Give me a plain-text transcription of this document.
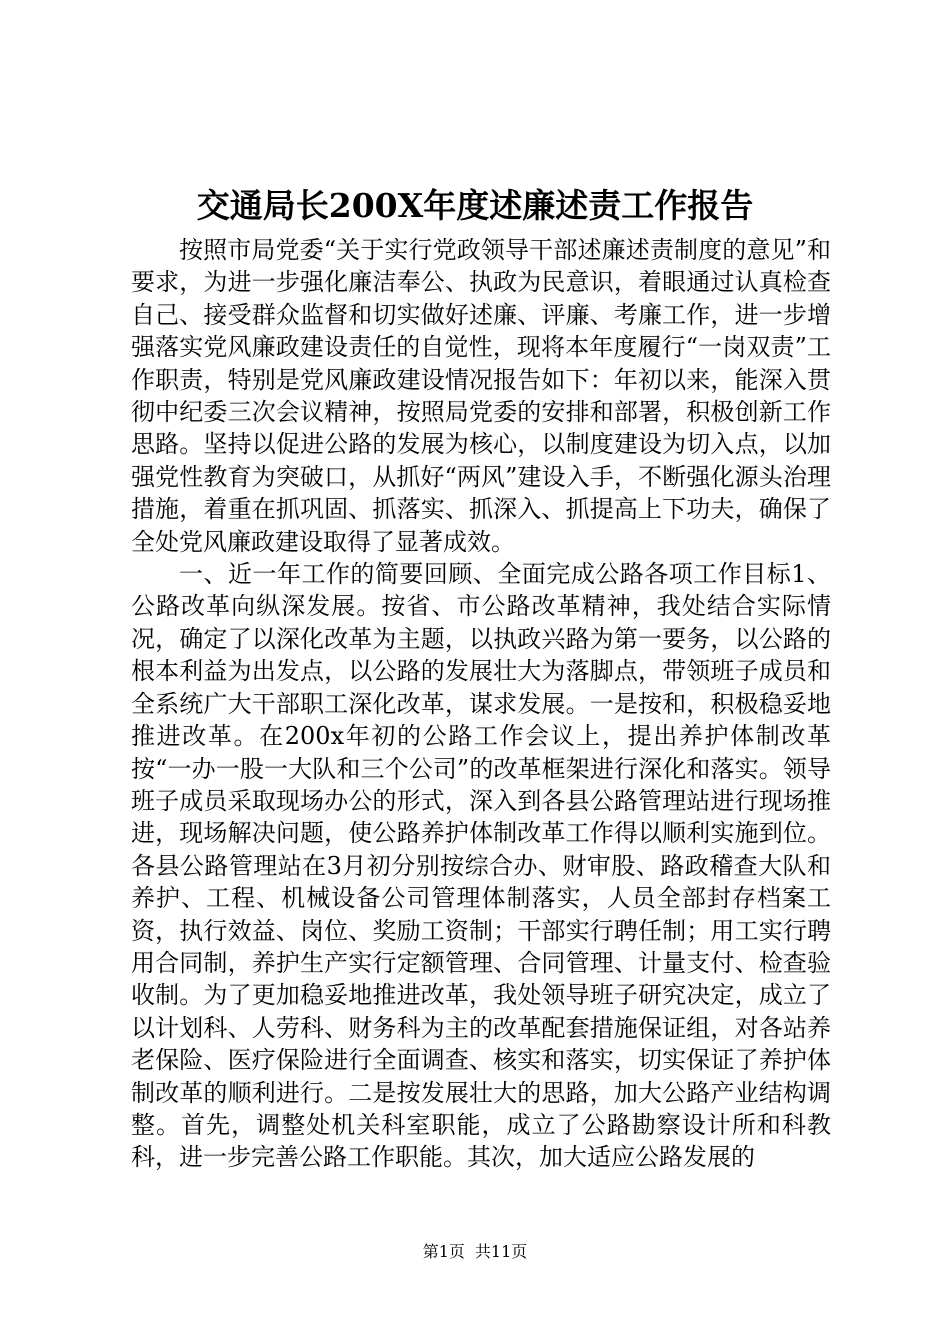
交通局长200X年度述廉述责工作报告

按照市局党委“关于实行党政领导干部述廉述责制度的意见”和要求，为进一步强化廉洁奉公、执政为民意识，着眼通过认真检查自己、接受群众监督和切实做好述廉、评廉、考廉工作，进一步增强落实党风廉政建设责任的自觉性，现将本年度履行“一岗双责”工作职责，特别是党风廉政建设情况报告如下：年初以来，能深入贯彻中纪委三次会议精神，按照局党委的安排和部署，积极创新工作思路。坚持以促进公路的发展为核心，以制度建设为切入点，以加强党性教育为突破口，从抓好“两风”建设入手，不断强化源头治理措施，着重在抓巩固、抓落实、抓深入、抓提高上下功夫，确保了全处党风廉政建设取得了显著成效。

一、近一年工作的简要回顾、全面完成公路各项工作目标1、公路改革向纵深发展。按省、市公路改革精神，我处结合实际情况，确定了以深化改革为主题，以执政兴路为第一要务，以公路的根本利益为出发点，以公路的发展壮大为落脚点，带领班子成员和全系统广大干部职工深化改革，谋求发展。一是按和，积极稳妥地推进改革。在200x年初的公路工作会议上，提出养护体制改革按“一办一股一大队和三个公司”的改革框架进行深化和落实。领导班子成员采取现场办公的形式，深入到各县公路管理站进行现场推进，现场解决问题，使公路养护体制改革工作得以顺利实施到位。各县公路管理站在3月初分别按综合办、财审股、路政稽查大队和养护、工程、机械设备公司管理体制落实，人员全部封存档案工资，执行效益、岗位、奖励工资制；干部实行聘任制；用工实行聘用合同制，养护生产实行定额管理、合同管理、计量支付、检查验收制。为了更加稳妥地推进改革，我处领导班子研究决定，成立了以计划科、人劳科、财务科为主的改革配套措施保证组，对各站养老保险、医疗保险进行全面调查、核实和落实，切实保证了养护体制改革的顺利进行。二是按发展壮大的思路，加大公路产业结构调整。首先，调整处机关科室职能，成立了公路勘察设计所和科教科，进一步完善公路工作职能。其次，加大适应公路发展的

第1页 共11页
